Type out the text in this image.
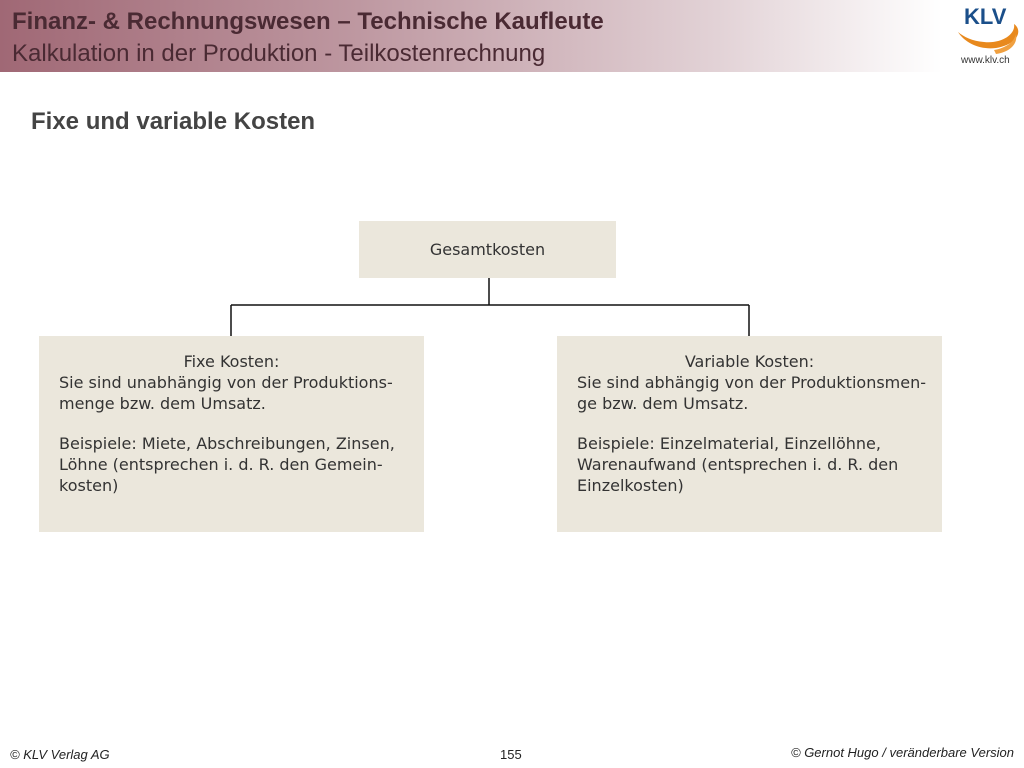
Finanz- & Rechnungswesen – Technische Kaufleute
Kalkulation in der Produktion - Teilkostenrechnung
KLV
www.klv.ch
Fixe und variable Kosten
Gesamtkosten
Fixe Kosten:
Sie sind unabhängig von der Produktions-
menge bzw. dem Umsatz.
Beispiele: Miete, Abschreibungen, Zinsen,
Löhne (entsprechen i. d. R. den Gemein-
kosten)
Variable Kosten:
Sie sind abhängig von der Produktionsmen-
ge bzw. dem Umsatz.
Beispiele: Einzelmaterial, Einzellöhne,
Warenaufwand (entsprechen i. d. R. den
Einzelkosten)
© KLV Verlag AG	155	© Gernot Hugo / veränderbare Version
